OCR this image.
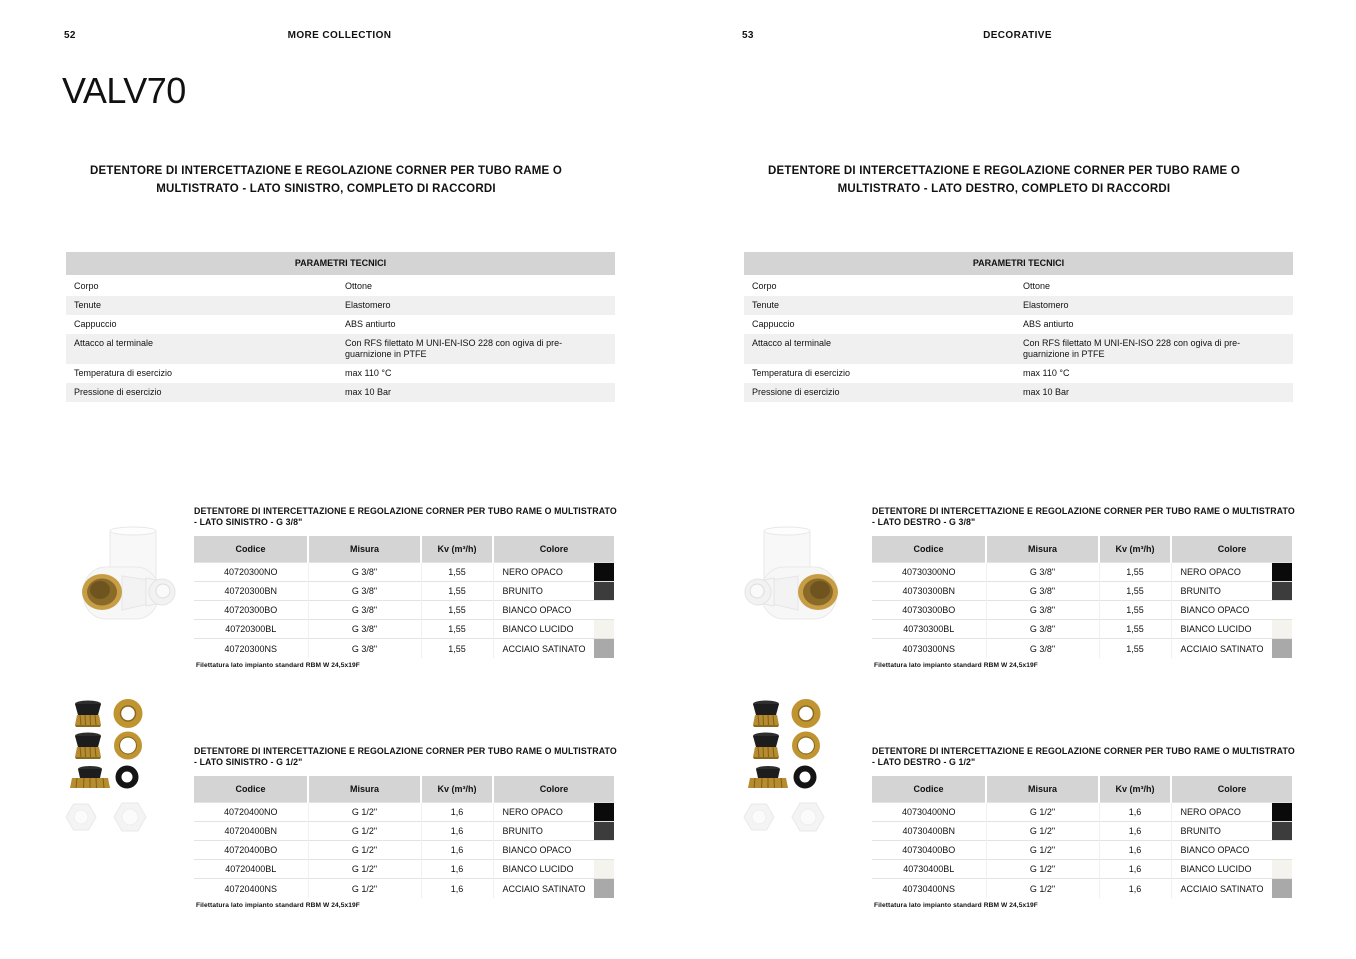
52	MORE COLLECTION
VALV70

DETENTORE DI INTERCETTAZIONE E REGOLAZIONE CORNER PER TUBO RAME O MULTISTRATO - LATO SINISTRO, COMPLETO DI RACCORDI

PARAMETRI TECNICI
Corpo	Ottone
Tenute	Elastomero
Cappuccio	ABS antiurto
Attacco al terminale	Con RFS filettato M UNI-EN-ISO 228 con ogiva di pre-guarnizione in PTFE
Temperatura di esercizio	max 110 °C
Pressione di esercizio	max 10 Bar
DETENTORE DI INTERCETTAZIONE E REGOLAZIONE CORNER PER TUBO RAME O MULTISTRATO - LATO SINISTRO - G 3/8"
Codice	Misura	Kv (m³/h)	Colore	
40720300NO	G 3/8"	1,55	NERO OPACO	
40720300BN	G 3/8"	1,55	BRUNITO	
40720300BO	G 3/8"	1,55	BIANCO OPACO	
40720300BL	G 3/8"	1,55	BIANCO LUCIDO	
40720300NS	G 3/8"	1,55	ACCIAIO SATINATO	
Filettatura lato impianto standard RBM W 24,5x19F
DETENTORE DI INTERCETTAZIONE E REGOLAZIONE CORNER PER TUBO RAME O MULTISTRATO - LATO SINISTRO - G 1/2"
Codice	Misura	Kv (m³/h)	Colore	
40720400NO	G 1/2"	1,6	NERO OPACO	
40720400BN	G 1/2"	1,6	BRUNITO	
40720400BO	G 1/2"	1,6	BIANCO OPACO	
40720400BL	G 1/2"	1,6	BIANCO LUCIDO	
40720400NS	G 1/2"	1,6	ACCIAIO SATINATO	
Filettatura lato impianto standard RBM W 24,5x19F
53	DECORATIVE

DETENTORE DI INTERCETTAZIONE E REGOLAZIONE CORNER PER TUBO RAME O MULTISTRATO - LATO DESTRO, COMPLETO DI RACCORDI

PARAMETRI TECNICI
Corpo	Ottone
Tenute	Elastomero
Cappuccio	ABS antiurto
Attacco al terminale	Con RFS filettato M UNI-EN-ISO 228 con ogiva di pre-guarnizione in PTFE
Temperatura di esercizio	max 110 °C
Pressione di esercizio	max 10 Bar
DETENTORE DI INTERCETTAZIONE E REGOLAZIONE CORNER PER TUBO RAME O MULTISTRATO - LATO DESTRO - G 3/8"
Codice	Misura	Kv (m³/h)	Colore	
40730300NO	G 3/8"	1,55	NERO OPACO	
40730300BN	G 3/8"	1,55	BRUNITO	
40730300BO	G 3/8"	1,55	BIANCO OPACO	
40730300BL	G 3/8"	1,55	BIANCO LUCIDO	
40730300NS	G 3/8"	1,55	ACCIAIO SATINATO	
Filettatura lato impianto standard RBM W 24,5x19F
DETENTORE DI INTERCETTAZIONE E REGOLAZIONE CORNER PER TUBO RAME O MULTISTRATO - LATO DESTRO - G 1/2"
Codice	Misura	Kv (m³/h)	Colore	
40730400NO	G 1/2"	1,6	NERO OPACO	
40730400BN	G 1/2"	1,6	BRUNITO	
40730400BO	G 1/2"	1,6	BIANCO OPACO	
40730400BL	G 1/2"	1,6	BIANCO LUCIDO	
40730400NS	G 1/2"	1,6	ACCIAIO SATINATO	
Filettatura lato impianto standard RBM W 24,5x19F
